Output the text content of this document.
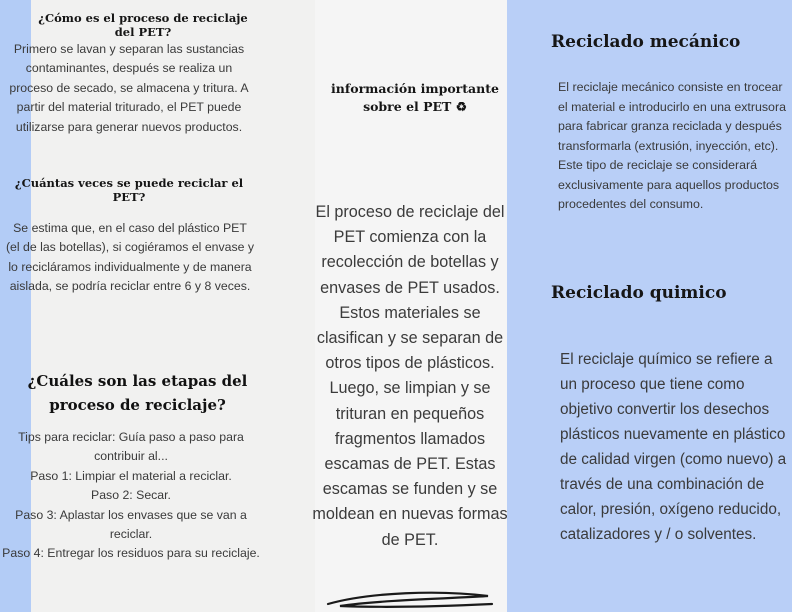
¿Cómo es el proceso de reciclaje del PET?
Primero se lavan y separan las sustancias contaminantes, después se realiza un proceso de secado, se almacena y tritura. A partir del material triturado, el PET puede utilizarse para generar nuevos productos.
¿Cuántas veces se puede reciclar el PET?
Se estima que, en el caso del plástico PET (el de las botellas), si cogiéramos el envase y lo recicláramos individualmente y de manera aislada, se podría reciclar entre 6 y 8 veces.
¿Cuáles son las etapas del proceso de reciclaje?
Tips para reciclar: Guía paso a paso para contribuir al...
Paso 1: Limpiar el material a reciclar.
Paso 2: Secar.
Paso 3: Aplastar los envases que se van a reciclar.
Paso 4: Entregar los residuos para su reciclaje.
información importante sobre el PET ♻
El proceso de reciclaje del PET comienza con la recolección de botellas y envases de PET usados. Estos materiales se clasifican y se separan de otros tipos de plásticos. Luego, se limpian y se trituran en pequeños fragmentos llamados escamas de PET. Estas escamas se funden y se moldean en nuevas formas de PET.
Reciclado mecánico
El reciclaje mecánico consiste en trocear el material e introducirlo en una extrusora para fabricar granza reciclada y después transformarla (extrusión, inyección, etc). Este tipo de reciclaje se considerará exclusivamente para aquellos productos procedentes del consumo.
Reciclado quimico
El reciclaje químico se refiere a un proceso que tiene como objetivo convertir los desechos plásticos nuevamente en plástico de calidad virgen (como nuevo) a través de una combinación de calor, presión, oxígeno reducido, catalizadores y / o solventes.
